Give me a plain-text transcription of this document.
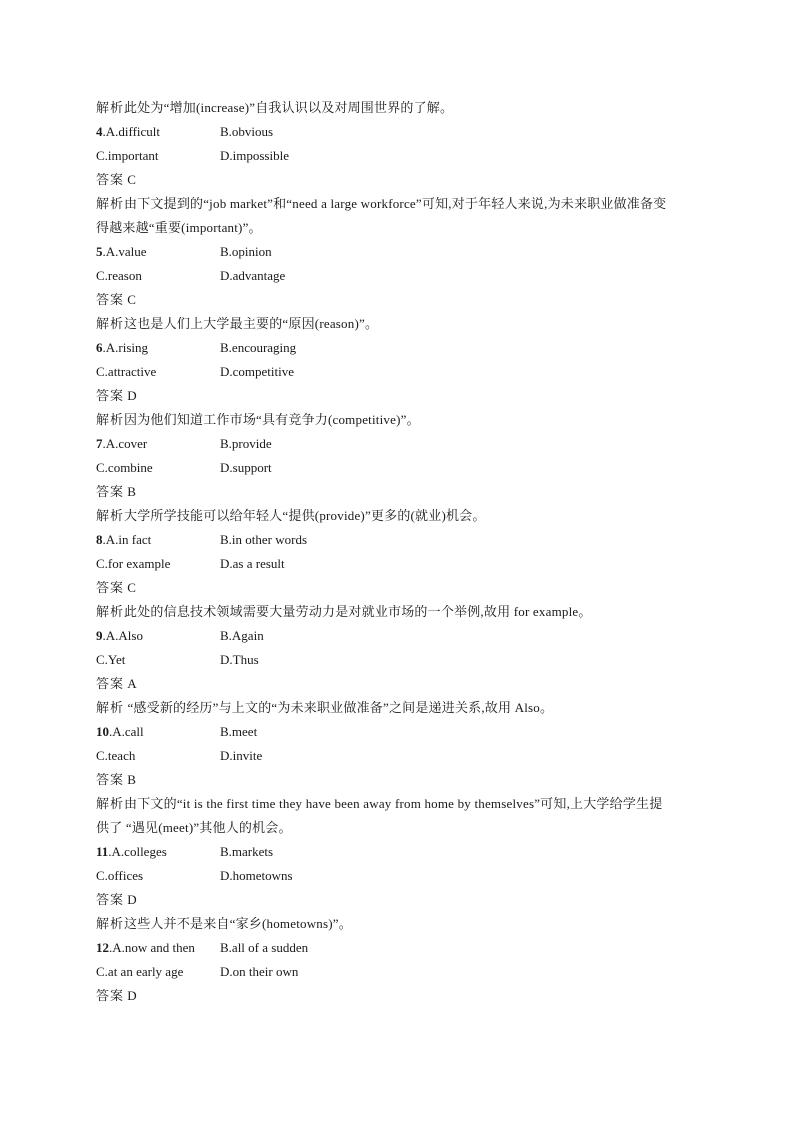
解析此处为“增加(increase)”自我认识以及对周围世界的了解。
4.A.difficult	B.obvious
C.important	D.impossible
答案 C
解析由下文提到的“job market”和“need a large workforce”可知,对于年轻人来说,为未来职业做准备变
得越来越“重要(important)”。
5.A.value	B.opinion
C.reason	D.advantage
答案 C
解析这也是人们上大学最主要的“原因(reason)”。
6.A.rising	B.encouraging
C.attractive	D.competitive
答案 D
解析因为他们知道工作市场“具有竞争力(competitive)”。
7.A.cover	B.provide
C.combine	D.support
答案 B
解析大学所学技能可以给年轻人“提供(provide)”更多的(就业)机会。
8.A.in fact	B.in other words
C.for example	D.as a result
答案 C
解析此处的信息技术领域需要大量劳动力是对就业市场的一个举例,故用 for example。
9.A.Also	B.Again
C.Yet	D.Thus
答案 A
解析 “感受新的经历”与上文的“为未来职业做准备”之间是递进关系,故用 Also。
10.A.call	B.meet
C.teach	D.invite
答案 B
解析由下文的“it is the first time they have been away from home by themselves”可知,上大学给学生提
供了 “遇见(meet)”其他人的机会。
11.A.colleges	B.markets
C.offices	D.hometowns
答案 D
解析这些人并不是来自“家乡(hometowns)”。
12.A.now and then	B.all of a sudden
C.at an early age	D.on their own
答案 D
